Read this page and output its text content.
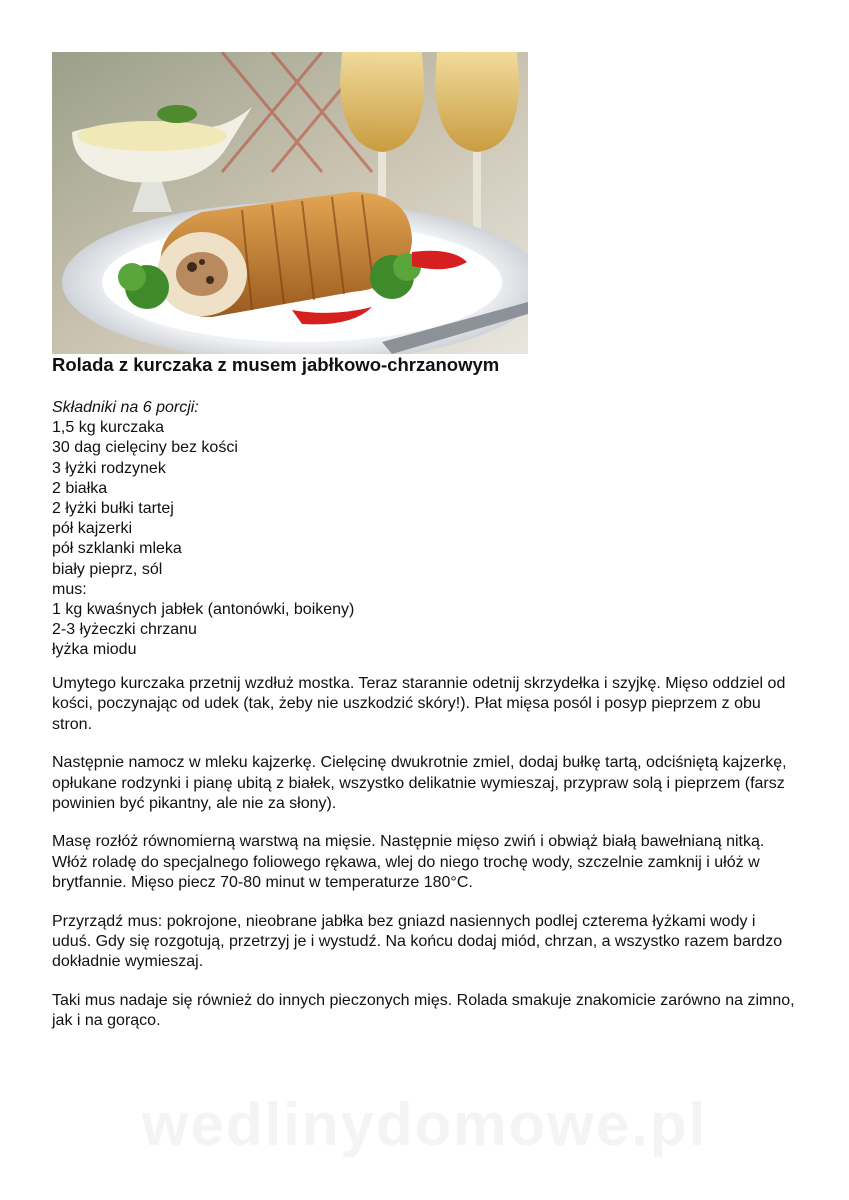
Rolada z kurczaka z musem jabłkowo-chrzanowym
Składniki na 6 porcji:
1,5 kg kurczaka
30 dag cielęciny bez kości
3 łyżki rodzynek
2 białka
2 łyżki bułki tartej
pół kajzerki
pół szklanki mleka
biały pieprz, sól
mus:
1 kg kwaśnych jabłek (antonówki, boikeny)
2-3 łyżeczki chrzanu
łyżka miodu

Umytego kurczaka przetnij wzdłuż mostka. Teraz starannie odetnij skrzydełka i szyjkę. Mięso oddziel od kości, poczynając od udek (tak, żeby nie uszkodzić skóry!). Płat mięsa posól i posyp pieprzem z obu stron.

Następnie namocz w mleku kajzerkę. Cielęcinę dwukrotnie zmiel, dodaj bułkę tartą, odciśniętą kajzerkę, opłukane rodzynki i pianę ubitą z białek, wszystko delikatnie wymieszaj, przypraw solą i pieprzem (farsz powinien być pikantny, ale nie za słony).

Masę rozłóż równomierną warstwą na mięsie. Następnie mięso zwiń i obwiąż białą bawełnianą nitką. Włóż roladę do specjalnego foliowego rękawa, wlej do niego trochę wody, szczelnie zamknij i ułóż w brytfannie. Mięso piecz 70-80 minut w temperaturze 180°C.

Przyrządź mus: pokrojone, nieobrane jabłka bez gniazd nasiennych podlej czterema łyżkami wody i uduś. Gdy się rozgotują, przetrzyj je i wystudź. Na końcu dodaj miód, chrzan, a wszystko razem bardzo dokładnie wymieszaj.

Taki mus nadaje się również do innych pieczonych mięs. Rolada smakuje znakomicie zarówno na zimno, jak i na gorąco.

wedlinydomowe.pl
